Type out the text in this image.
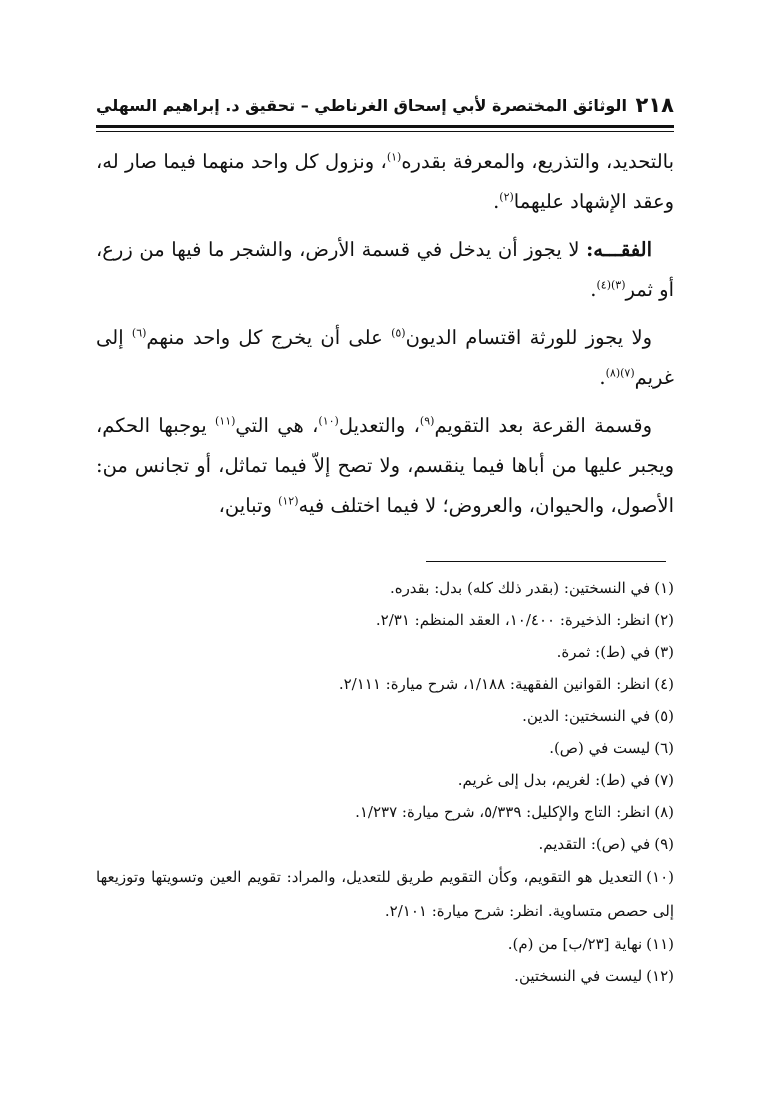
٢١٨
الوثائق المختصرة لأبي إسحاق الغرناطي – تحقيق د. إبراهيم السهلي

بالتحديد، والتذريع، والمعرفة بقدره$^{(١)}$، ونزول كل واحد منهما فيما صار له، وعقد الإشهاد عليهما$^{(٢)}$.

الفقـــه: لا يجوز أن يدخل في قسمة الأرض، والشجر ما فيها من زرع، أو ثمر$^{(٣)(٤)}$.

ولا يجوز للورثة اقتسام الديون$^{(٥)}$ على أن يخرج كل واحد منهم$^{(٦)}$ إلى غريم$^{(٧)(٨)}$.

وقسمة القرعة بعد التقويم$^{(٩)}$، والتعديل$^{(١٠)}$، هي التي$^{(١١)}$ يوجبها الحكم، ويجبر عليها من أباها فيما ينقسم، ولا تصح إلاّ فيما تماثل، أو تجانس من: الأصول، والحيوان، والعروض؛ لا فيما اختلف فيه$^{(١٢)}$ وتباين،

(١)في النسختين: (بقدر ذلك كله) بدل: بقدره.

(٢)انظر: الذخيرة: ١٠/٤٠٠، العقد المنظم: ٢/٣١.

(٣)في (ط): ثمرة.

(٤)انظر: القوانين الفقهية: ١/١٨٨، شرح ميارة: ٢/١١١.

(٥)في النسختين: الدين.

(٦)ليست في (ص).

(٧)في (ط): لغريم، بدل إلى غريم.

(٨)انظر: التاج والإكليل: ٥/٣٣٩، شرح ميارة: ١/٢٣٧.

(٩)في (ص): التقديم.

(١٠)التعديل هو التقويم، وكأن التقويم طريق للتعديل، والمراد: تقويم العين وتسويتها وتوزيعها إلى حصص متساوية. انظر: شرح ميارة: ٢/١٠١.

(١١)نهاية [٢٣/ب] من (م).

(١٢)ليست في النسختين.
